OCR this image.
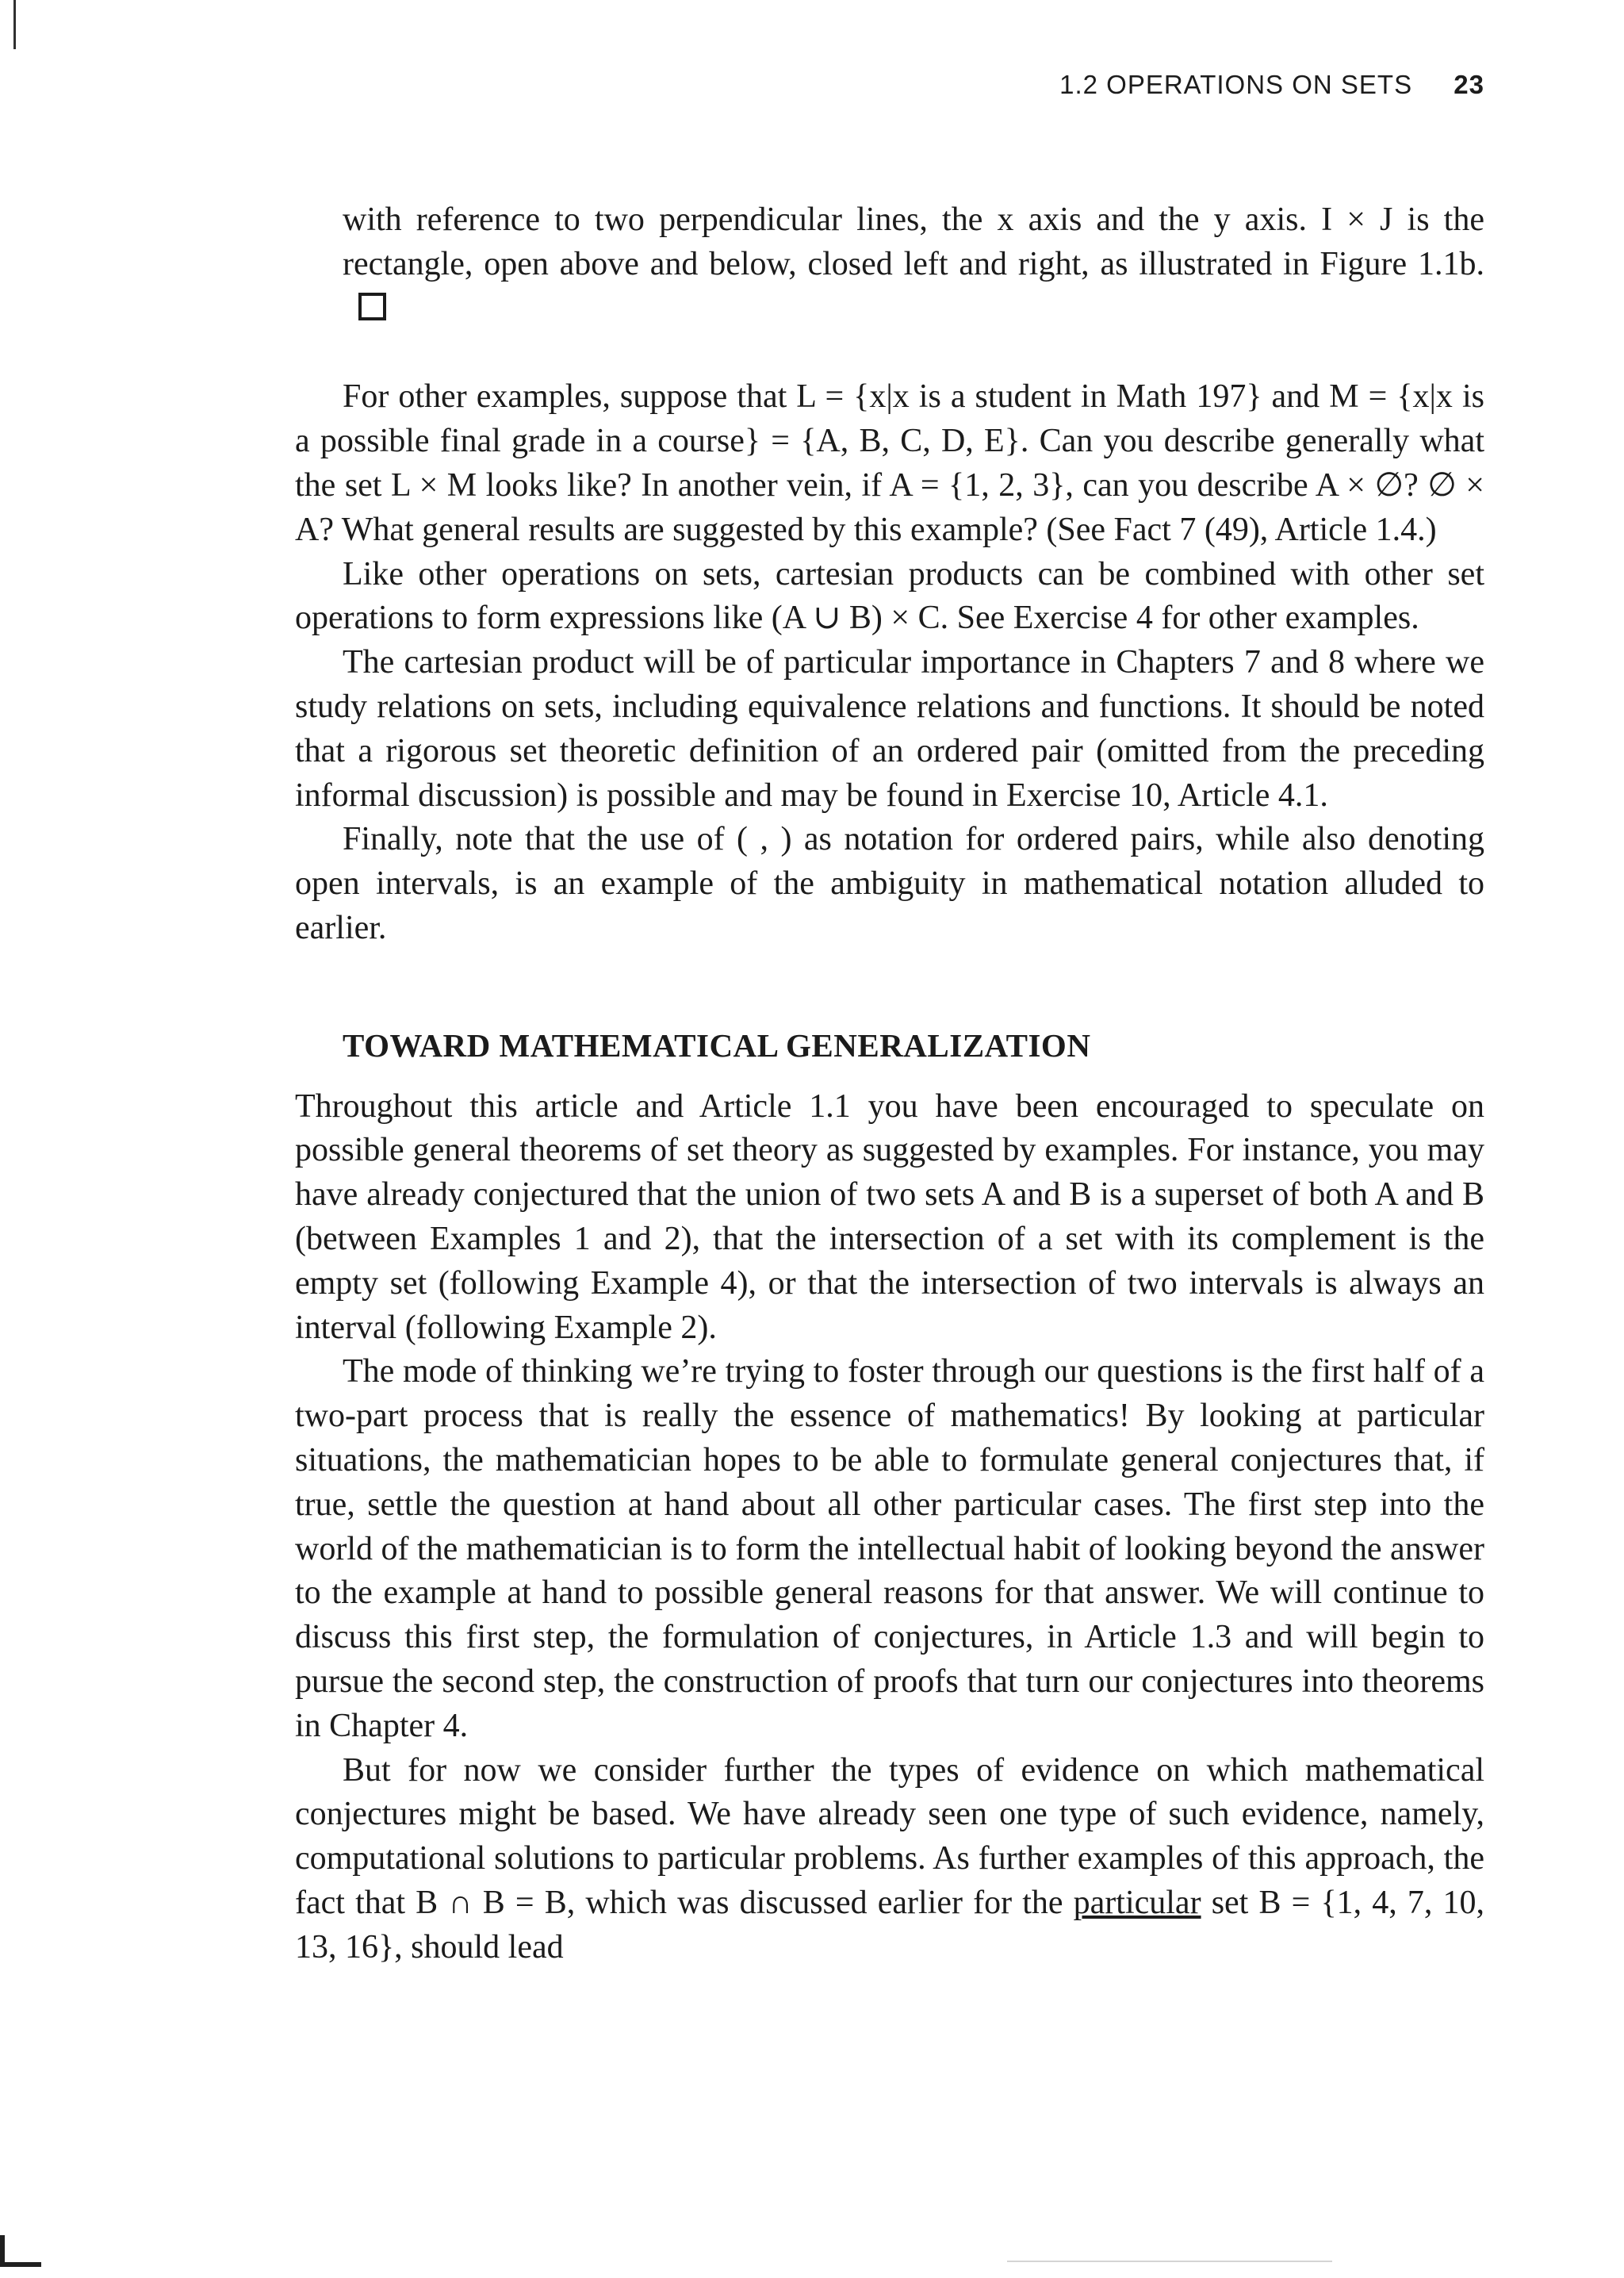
1.2 OPERATIONS ON SETS 23

with reference to two perpendicular lines, the x axis and the y axis. I × J is the rectangle, open above and below, closed left and right, as illustrated in Figure 1.1b.

For other examples, suppose that L = {x|x is a student in Math 197} and M = {x|x is a possible final grade in a course} = {A, B, C, D, E}. Can you describe generally what the set L × M looks like? In another vein, if A = {1, 2, 3}, can you describe A × ∅? ∅ × A? What general results are suggested by this example? (See Fact 7 (49), Article 1.4.)

Like other operations on sets, cartesian products can be combined with other set operations to form expressions like (A ∪ B) × C. See Exercise 4 for other examples.

The cartesian product will be of particular importance in Chapters 7 and 8 where we study relations on sets, including equivalence relations and functions. It should be noted that a rigorous set theoretic definition of an ordered pair (omitted from the preceding informal discussion) is possible and may be found in Exercise 10, Article 4.1.

Finally, note that the use of ( , ) as notation for ordered pairs, while also denoting open intervals, is an example of the ambiguity in mathematical notation alluded to earlier.

TOWARD MATHEMATICAL GENERALIZATION

Throughout this article and Article 1.1 you have been encouraged to speculate on possible general theorems of set theory as suggested by examples. For instance, you may have already conjectured that the union of two sets A and B is a superset of both A and B (between Examples 1 and 2), that the intersection of a set with its complement is the empty set (following Example 4), or that the intersection of two intervals is always an interval (following Example 2).

The mode of thinking we’re trying to foster through our questions is the first half of a two-part process that is really the essence of mathematics! By looking at particular situations, the mathematician hopes to be able to formulate general conjectures that, if true, settle the question at hand about all other particular cases. The first step into the world of the mathematician is to form the intellectual habit of looking beyond the answer to the example at hand to possible general reasons for that answer. We will continue to discuss this first step, the formulation of conjectures, in Article 1.3 and will begin to pursue the second step, the construction of proofs that turn our conjectures into theorems in Chapter 4.

But for now we consider further the types of evidence on which mathematical conjectures might be based. We have already seen one type of such evidence, namely, computational solutions to particular problems. As further examples of this approach, the fact that B ∩ B = B, which was discussed earlier for the particular set B = {1, 4, 7, 10, 13, 16}, should lead
